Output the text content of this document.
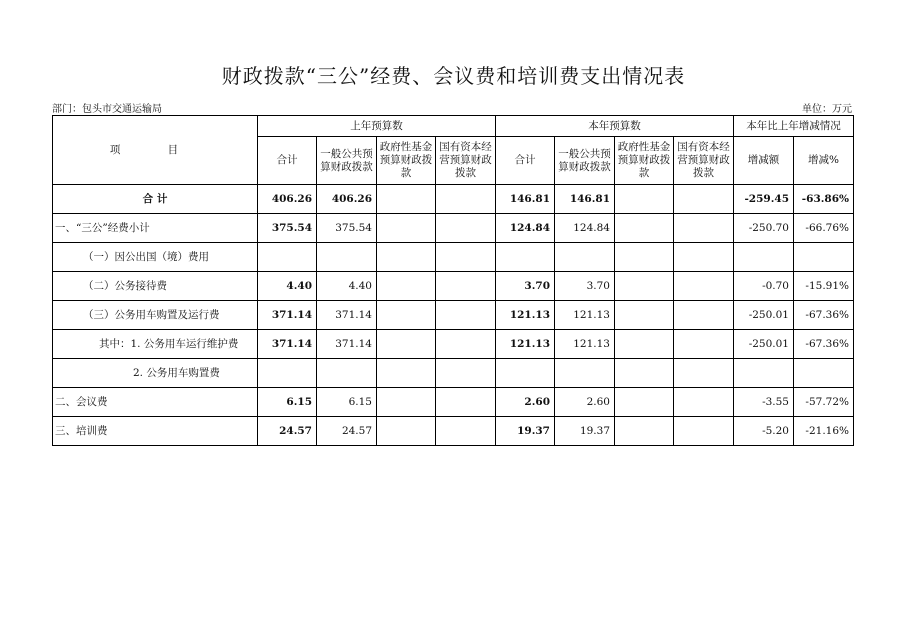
财政拨款“三公”经费、会议费和培训费支出情况表
部门：包头市交通运输局	单位：万元
项 目	上年预算数				本年预算数				本年比上年增减情况	
	合计	一般公共预算财政拨款	政府性基金预算财政拨款	国有资本经营预算财政拨款	合计	一般公共预算财政拨款	政府性基金预算财政拨款	国有资本经营预算财政拨款	增减额	增减%
合 计	406.26	406.26			146.81	146.81			-259.45	-63.86%
一、“三公”经费小计	375.54	375.54			124.84	124.84			-250.70	-66.76%
（一）因公出国（境）费用										
（二）公务接待费	4.40	4.40			3.70	3.70			-0.70	-15.91%
（三）公务用车购置及运行费	371.14	371.14			121.13	121.13			-250.01	-67.36%
其中：1. 公务用车运行维护费	371.14	371.14			121.13	121.13			-250.01	-67.36%
2. 公务用车购置费										
二、会议费	6.15	6.15			2.60	2.60			-3.55	-57.72%
三、培训费	24.57	24.57			19.37	19.37			-5.20	-21.16%
